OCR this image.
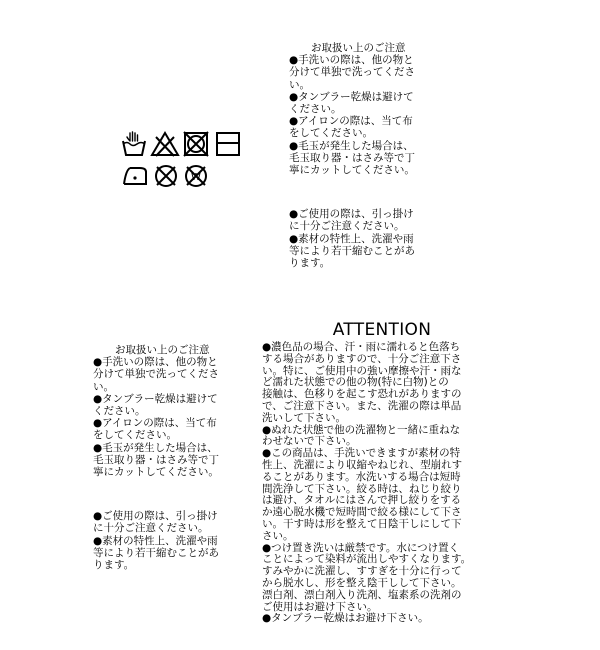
お取扱い上のご注意

●手洗いの際は、他の物と

分けて単独で洗ってくださ

い。

●タンブラー乾燥は避けて

ください。

●アイロンの際は、当て布

をしてください。

●毛玉が発生した場合は、

毛玉取り器・はさみ等で丁

寧にカットしてください。

●ご使用の際は、引っ掛け

に十分ご注意ください。

●素材の特性上、洗濯や雨

等により若干縮むことがあ

ります。

W

お取扱い上のご注意

●手洗いの際は、他の物と

分けて単独で洗ってくださ

い。

●タンブラー乾燥は避けて

ください。

●アイロンの際は、当て布

をしてください。

●毛玉が発生した場合は、

毛玉取り器・はさみ等で丁

寧にカットしてください。

●ご使用の際は、引っ掛け

に十分ご注意ください。

●素材の特性上、洗濯や雨

等により若干縮むことがあ

ります。

ATTENTION

●濃色品の場合、汗・雨に濡れると色落ち

する場合がありますので、十分ご注意下さ

い。特に、ご使用中の強い摩擦や汗・雨な

ど濡れた状態での他の物(特に白物)との

接触は、色移りを起こす恐れがありますの

で、ご注意下さい。また、洗濯の際は単品

洗いして下さい。

●ぬれた状態で他の洗濯物と一緒に重ねな

わせないで下さい。

●この商品は、手洗いできますが素材の特

性上、洗濯により収縮やねじれ、型崩れす

ることがあります。水洗いする場合は短時

間洗浄して下さい。絞る時は、ねじり絞り

は避け、タオルにはさんで押し絞りをする

か遠心脱水機で短時間で絞る様にして下さ

い。干す時は形を整えて日陰干しにして下

さい。

●つけ置き洗いは厳禁です。水につけ置く

ことによって染料が流出しやすくなります。

すみやかに洗濯し、すすぎを十分に行って

から脱水し、形を整え陰干しして下さい。

漂白剤、漂白剤入り洗剤、塩素系の洗剤の

ご使用はお避け下さい。

●タンブラー乾燥はお避け下さい。
